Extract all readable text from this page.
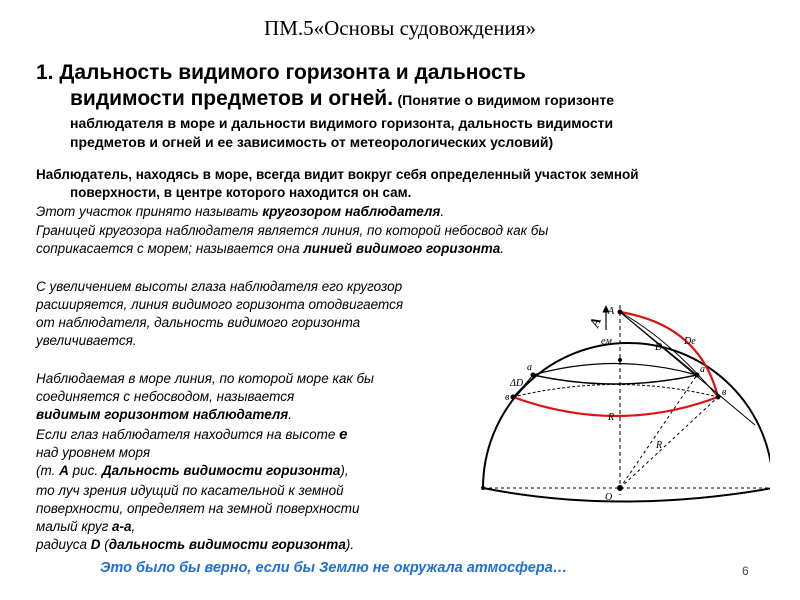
ПМ.5«Основы судовождения»
1. Дальность видимого горизонта и дальность
видимости предметов и огней. (Понятие о видимом горизонте
наблюдателя в море и дальности видимого горизонта, дальность видимости
предметов и огней и ее зависимость от метеорологических условий)
Наблюдатель, находясь в море, всегда видит вокруг себя определенный участок земной
поверхности, в центре которого находится он сам.
Этот участок принято называть кругозором наблюдателя.
Границей кругозора наблюдателя является линия, по которой небосвод как бы
соприкасается с морем; называется она линией видимого горизонта.
С увеличением высоты глаза наблюдателя его кругозор
расширяется, линия видимого горизонта отодвигается
от наблюдателя, дальность видимого горизонта
увеличивается.
Наблюдаемая в море линия, по которой море как бы
соединяется с небосводом, называется
видимым горизонтом наблюдателя.
Если глаз наблюдателя находится на высоте е
над уровнем моря
(т. А рис. Дальность видимости горизонта),
то луч зрения идущий по касательной к земной
поверхности, определяет на земной поверхности
малый круг а-а,
радиуса D (дальность видимости горизонта).
A
A
eм
D
Dе
a	a
в	в
ΔD
R
R
O
Это было бы верно, если бы Землю не окружала атмосфера…	6
